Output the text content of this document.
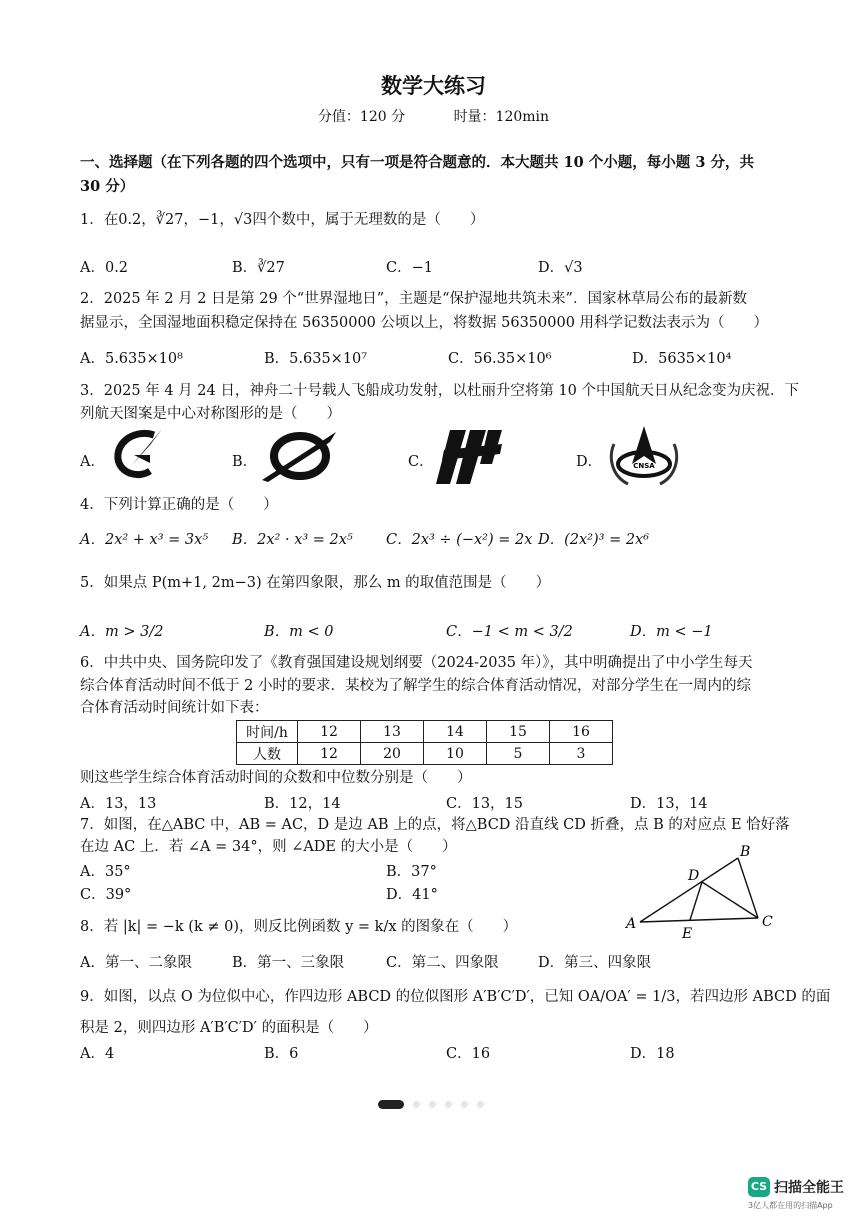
数学大练习
分值：120 分	时量：120min
一、选择题（在下列各题的四个选项中，只有一项是符合题意的．本大题共 10 个小题，每小题 3 分，共
30 分）
1．在0.2，∛27，−1，√3四个数中，属于无理数的是（　　）
A．0.2	B．∛27	C．−1	D．√3
2．2025 年 2 月 2 日是第 29 个“世界湿地日”，主题是“保护湿地共筑未来”．国家林草局公布的最新数
据显示，全国湿地面积稳定保持在 56350000 公顷以上，将数据 56350000 用科学记数法表示为（　　）
A．5.635×10⁸	B．5.635×10⁷	C．56.35×10⁶	D．5635×10⁴
3．2025 年 4 月 24 日，神舟二十号载人飞船成功发射，以杜丽升空将第 10 个中国航天日从纪念变为庆祝．下
列航天图案是中心对称图形的是（　　）
A．	B．	C．	D．	CNSA
4．下列计算正确的是（　　）
A．2x² + x³ = 3x⁵ B．2x² · x³ = 2x⁵ C．2x³ ÷ (−x²) = 2x D．(2x²)³ = 2x⁶
5．如果点 P(m+1, 2m−3) 在第四象限，那么 m 的取值范围是（　　）
A．m > 3/2	B．m < 0	C．−1 < m < 3/2	D．m < −1
6．中共中央、国务院印发了《教育强国建设规划纲要（2024-2035 年）》，其中明确提出了中小学生每天
综合体育活动时间不低于 2 小时的要求．某校为了解学生的综合体育活动情况，对部分学生在一周内的综
合体育活动时间统计如下表：
时间/h	12	13	14	15	16
人数	12	20	10	5	3
则这些学生综合体育活动时间的众数和中位数分别是（　　）
A．13，13	B．12，14	C．13，15	D．13，14
7．如图，在△ABC 中，AB = AC，D 是边 AB 上的点，将△BCD 沿直线 CD 折叠，点 B 的对应点 E 恰好落
在边 AC 上．若 ∠A = 34°，则 ∠ADE 的大小是（　　）
A．35°	B．37°
C．39°	D．41°
A
B
C
D
E
8．若 |k| = −k (k ≠ 0)，则反比例函数 y = k/x 的图象在（　　）
A．第一、二象限	B．第一、三象限	C．第二、四象限	D．第三、四象限
9．如图，以点 O 为位似中心，作四边形 ABCD 的位似图形 A′B′C′D′，已知 OA/OA′ = 1/3，若四边形 ABCD 的面
积是 2，则四边形 A′B′C′D′ 的面积是（　　）
A．4	B．6	C．16	D．18
CS 扫描全能王
3亿人都在用的扫描App
